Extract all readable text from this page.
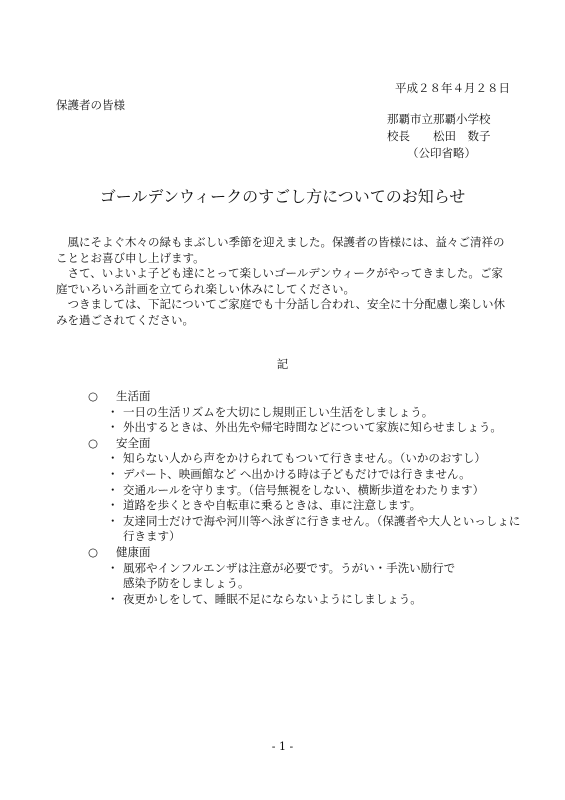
平成２８年４月２８日
保護者の皆様
那覇市立那覇小学校
校長　　松田　数子
（公印省略）
ゴールデンウィークのすごし方についてのお知らせ

風にそよぐ木々の緑もまぶしい季節を迎えました。保護者の皆様には、益々ご清祥のこととお喜び申し上げます。

さて、いよいよ子ども達にとって楽しいゴールデンウィークがやってきました。ご家庭でいろいろ計画を立てられ楽しい休みにしてください。

つきましては、下記についてご家庭でも十分話し合われ、安全に十分配慮し楽しい休みを過ごされてください。

記
○ 生活面
・ 一日の生活リズムを大切にし規則正しい生活をしましょう。
・ 外出するときは、外出先や帰宅時間などについて家族に知らせましょう。
○ 安全面
・ 知らない人から声をかけられてもついて行きません。（いかのおすし）
・ デパート、映画館など へ出かける時は子どもだけでは行きません。
・ 交通ルールを守ります。（信号無視をしない、横断歩道をわたります）
・ 道路を歩くときや自転車に乗るときは、車に注意します。
・ 友達同士だけで海や河川等へ泳ぎに行きません。（保護者や大人といっしょに行きます）
○ 健康面
・ 風邪やインフルエンザは注意が必要です。うがい・手洗い励行で感染予防をしましょう。
・ 夜更かしをして、睡眠不足にならないようにしましょう。
- 1 -
